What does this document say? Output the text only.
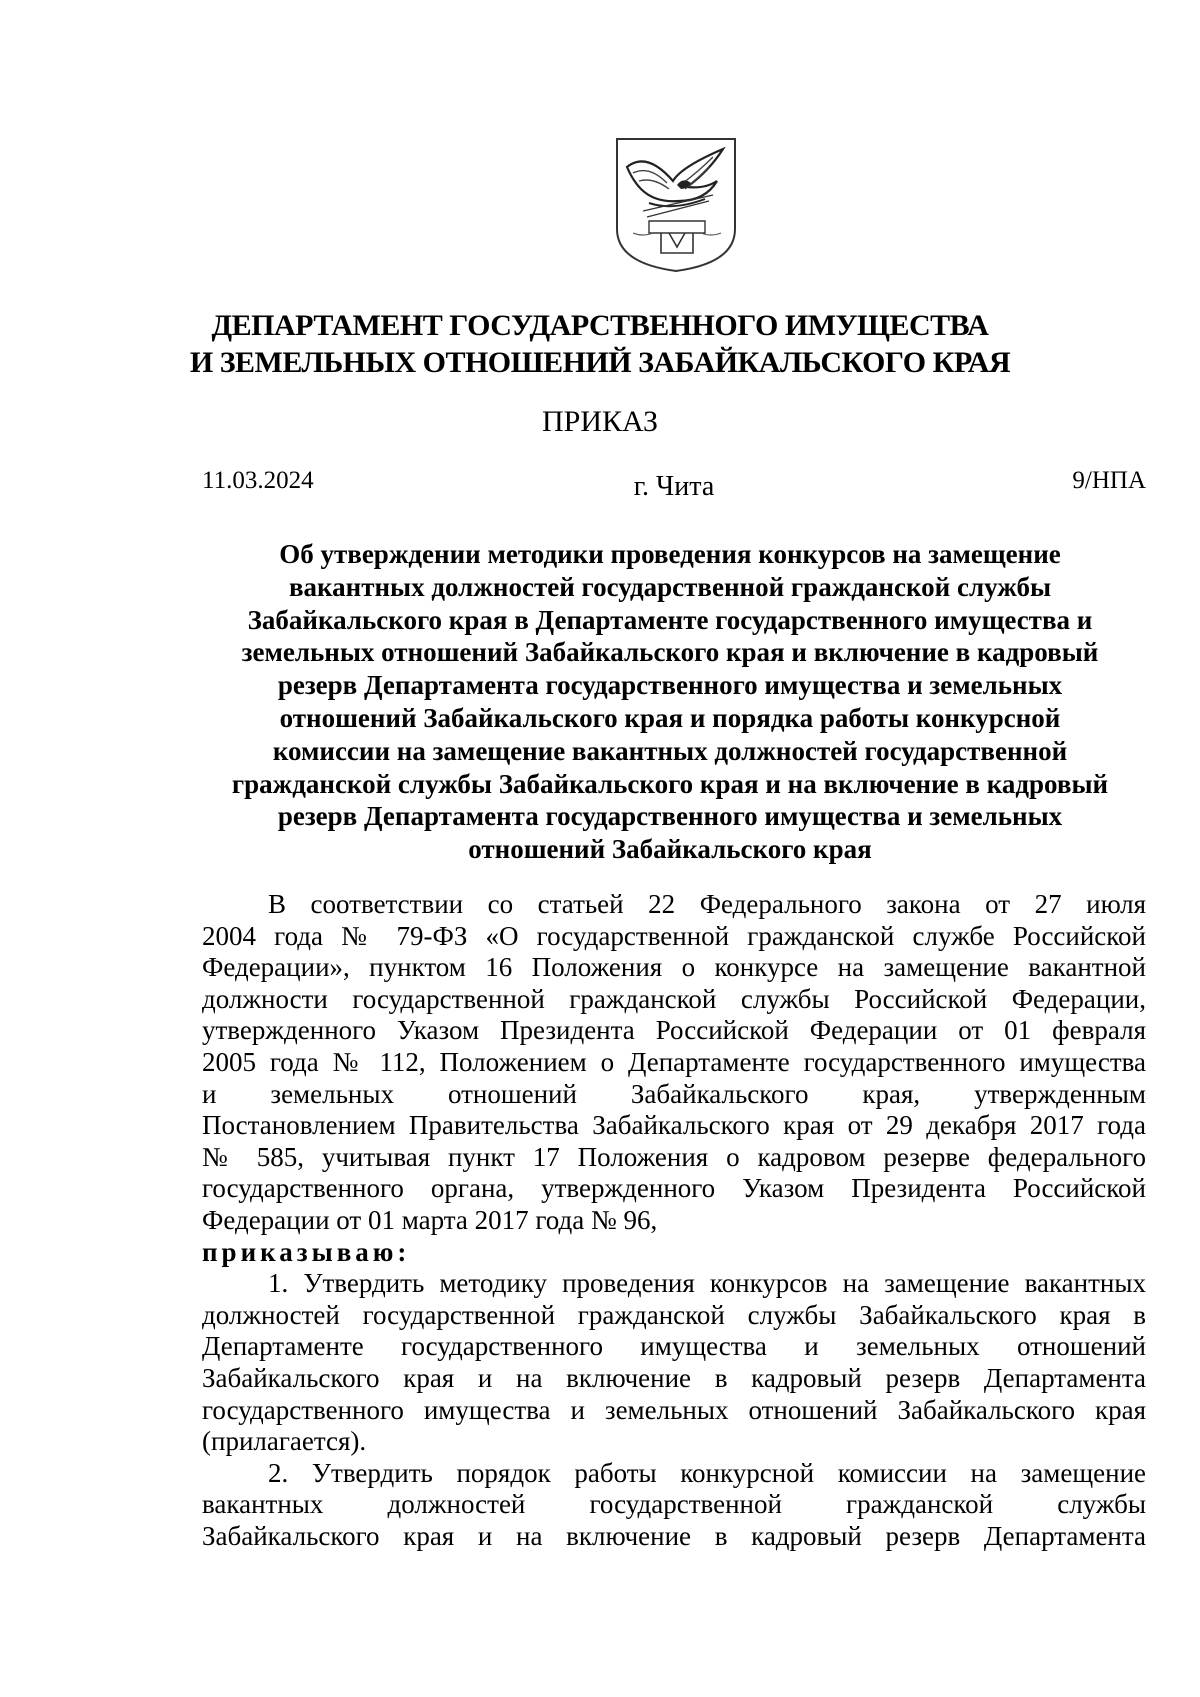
ДЕПАРТАМЕНТ ГОСУДАРСТВЕННОГО ИМУЩЕСТВА
И ЗЕМЕЛЬНЫХ ОТНОШЕНИЙ ЗАБАЙКАЛЬСКОГО КРАЯ
ПРИКАЗ
11.03.2024	г. Чита	9/НПА
Об утверждении методики проведения конкурсов на замещение
вакантных должностей государственной гражданской службы
Забайкальского края в Департаменте государственного имущества и
земельных отношений Забайкальского края и включение в кадровый
резерв Департамента государственного имущества и земельных
отношений Забайкальского края и порядка работы конкурсной
комиссии на замещение вакантных должностей государственной
гражданской службы Забайкальского края и на включение в кадровый
резерв Департамента государственного имущества и земельных
отношений Забайкальского края
В соответствии со статьей 22 Федерального закона от 27 июля
2004 года № 79-ФЗ «О государственной гражданской службе Российской
Федерации», пунктом 16 Положения о конкурсе на замещение вакантной
должности государственной гражданской службы Российской Федерации,
утвержденного Указом Президента Российской Федерации от 01 февраля
2005 года № 112, Положением о Департаменте государственного имущества
и земельных отношений Забайкальского края, утвержденным
Постановлением Правительства Забайкальского края от 29 декабря 2017 года
№ 585, учитывая пункт 17 Положения о кадровом резерве федерального
государственного органа, утвержденного Указом Президента Российской
Федерации от 01 марта 2017 года № 96,
приказываю:
1. Утвердить методику проведения конкурсов на замещение вакантных
должностей государственной гражданской службы Забайкальского края в
Департаменте государственного имущества и земельных отношений
Забайкальского края и на включение в кадровый резерв Департамента
государственного имущества и земельных отношений Забайкальского края
(прилагается).
2. Утвердить порядок работы конкурсной комиссии на замещение
вакантных должностей государственной гражданской службы
Забайкальского края и на включение в кадровый резерв Департамента
